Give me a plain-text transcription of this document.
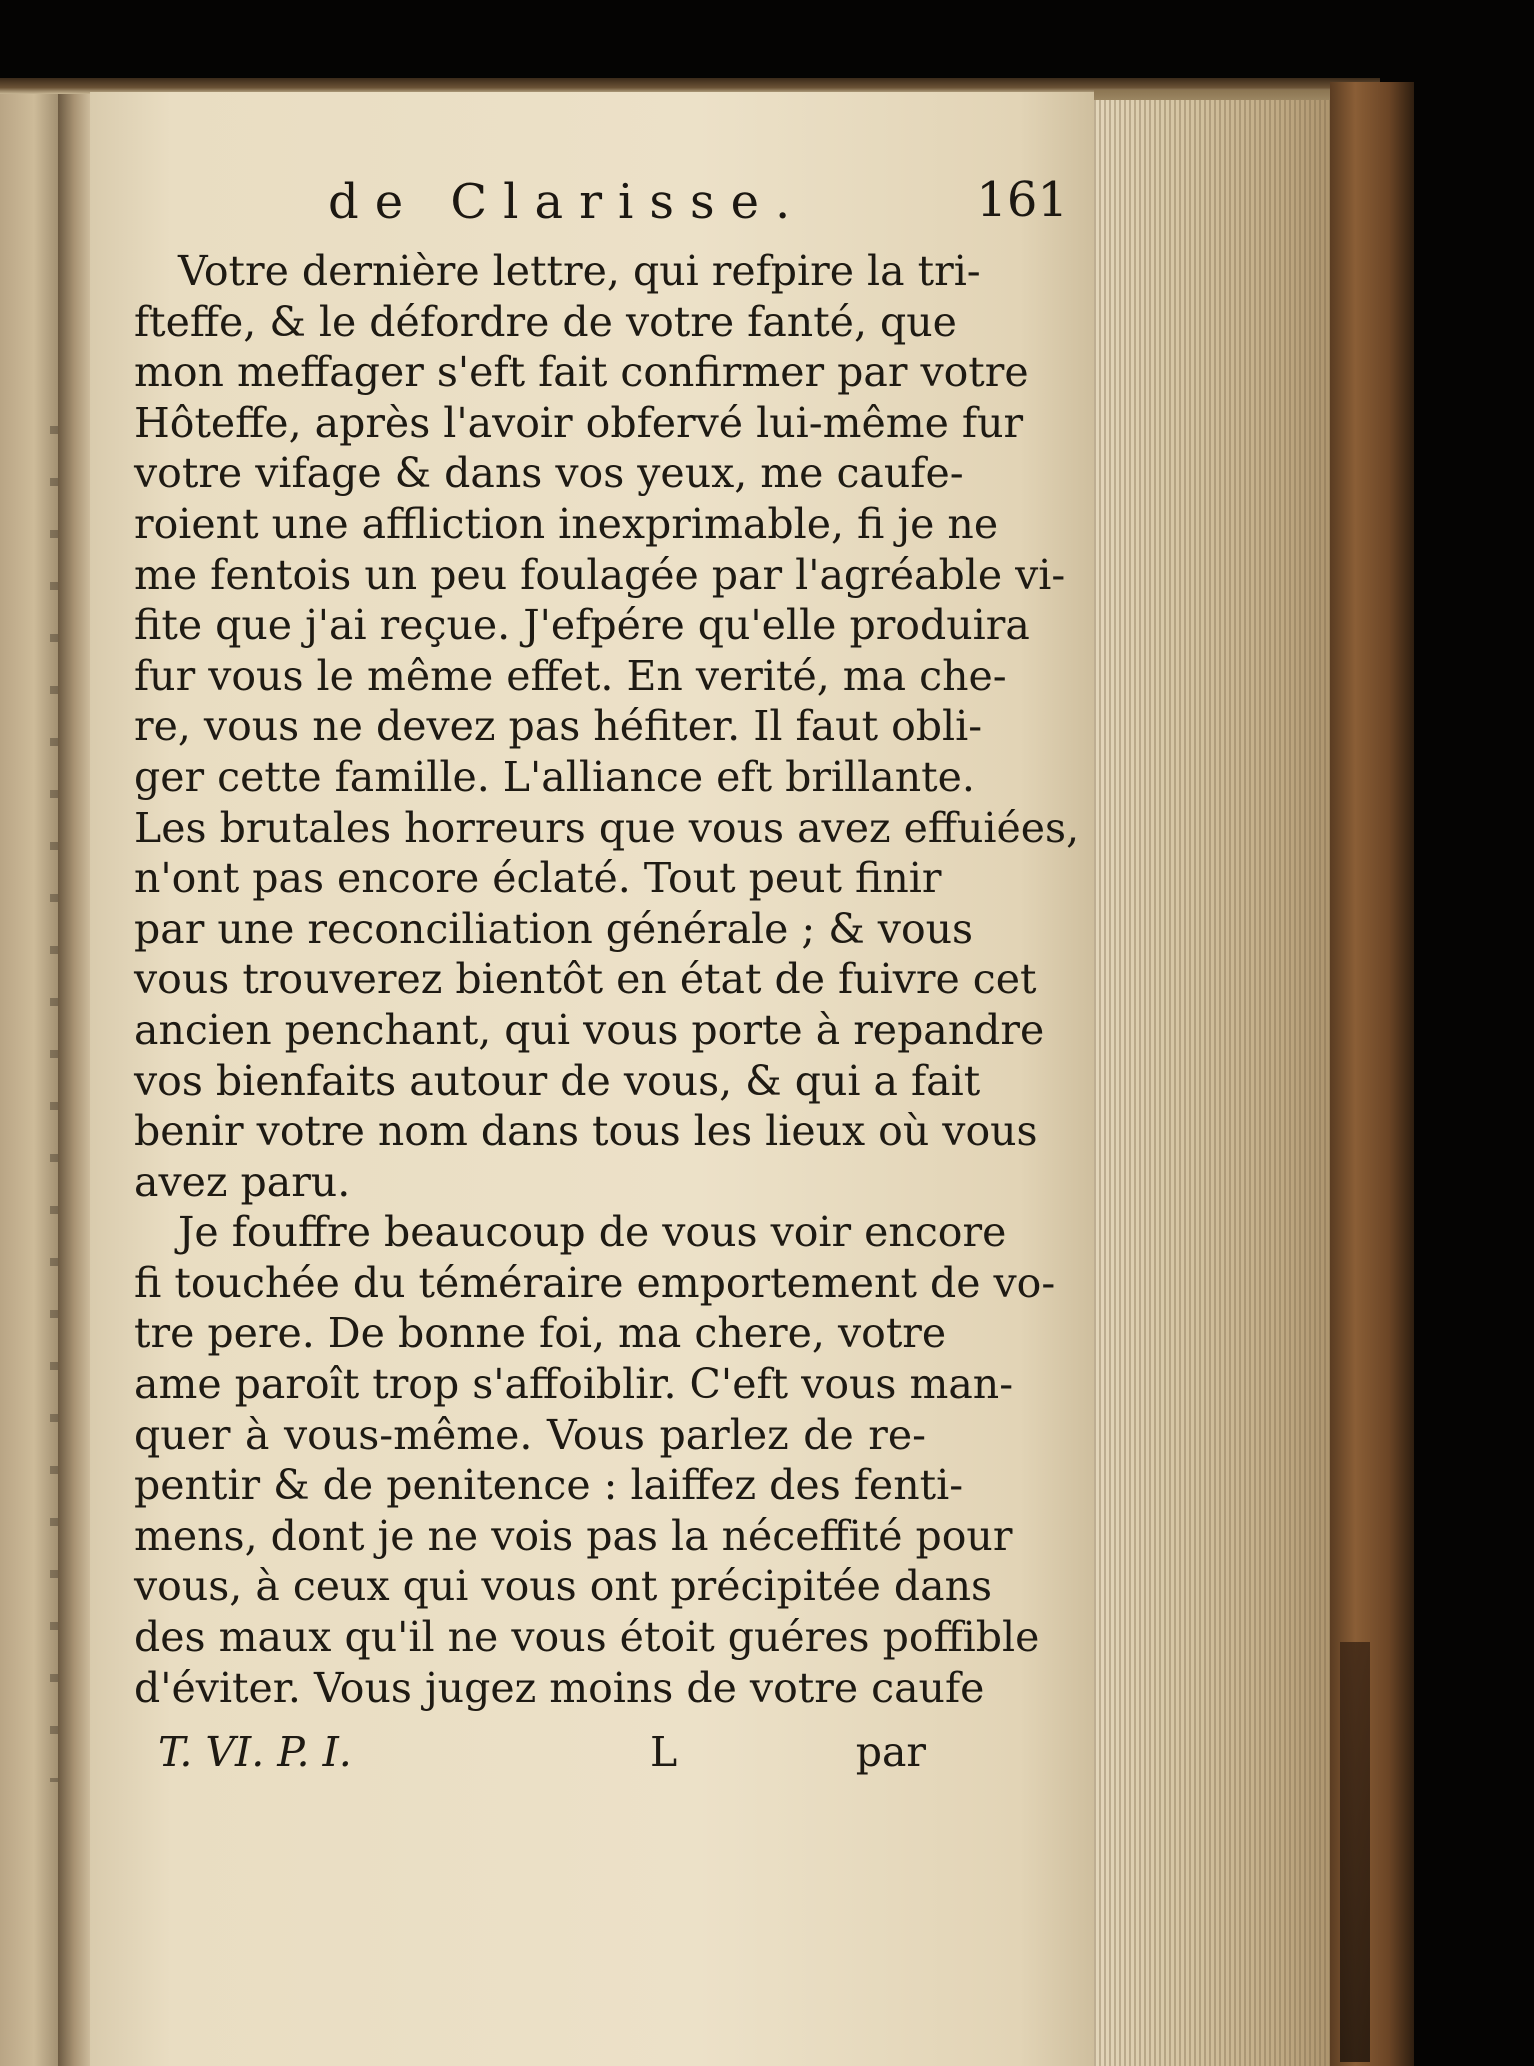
de Clarisse.	161
Votre dernière lettre, qui refpire la tri-
fteffe, & le défordre de votre fanté, que
mon meffager s'eft fait confirmer par votre
Hôteffe, après l'avoir obfervé lui-même fur
votre vifage & dans vos yeux, me caufe-
roient une affliction inexprimable, fi je ne
me fentois un peu foulagée par l'agréable vi-
fite que j'ai reçue. J'efpére qu'elle produira
fur vous le même effet. En verité, ma che-
re, vous ne devez pas héfiter. Il faut obli-
ger cette famille. L'alliance eft brillante.
Les brutales horreurs que vous avez effuiées,
n'ont pas encore éclaté. Tout peut finir
par une reconciliation générale ; & vous
vous trouverez bientôt en état de fuivre cet
ancien penchant, qui vous porte à repandre
vos bienfaits autour de vous, & qui a fait
benir votre nom dans tous les lieux où vous
avez paru.
Je fouffre beaucoup de vous voir encore
fi touchée du téméraire emportement de vo-
tre pere. De bonne foi, ma chere, votre
ame paroît trop s'affoiblir. C'eft vous man-
quer à vous-même. Vous parlez de re-
pentir & de penitence : laiffez des fenti-
mens, dont je ne vois pas la néceffité pour
vous, à ceux qui vous ont précipitée dans
des maux qu'il ne vous étoit guéres poffible
d'éviter. Vous jugez moins de votre caufe
T. VI. P. I.	L	par
